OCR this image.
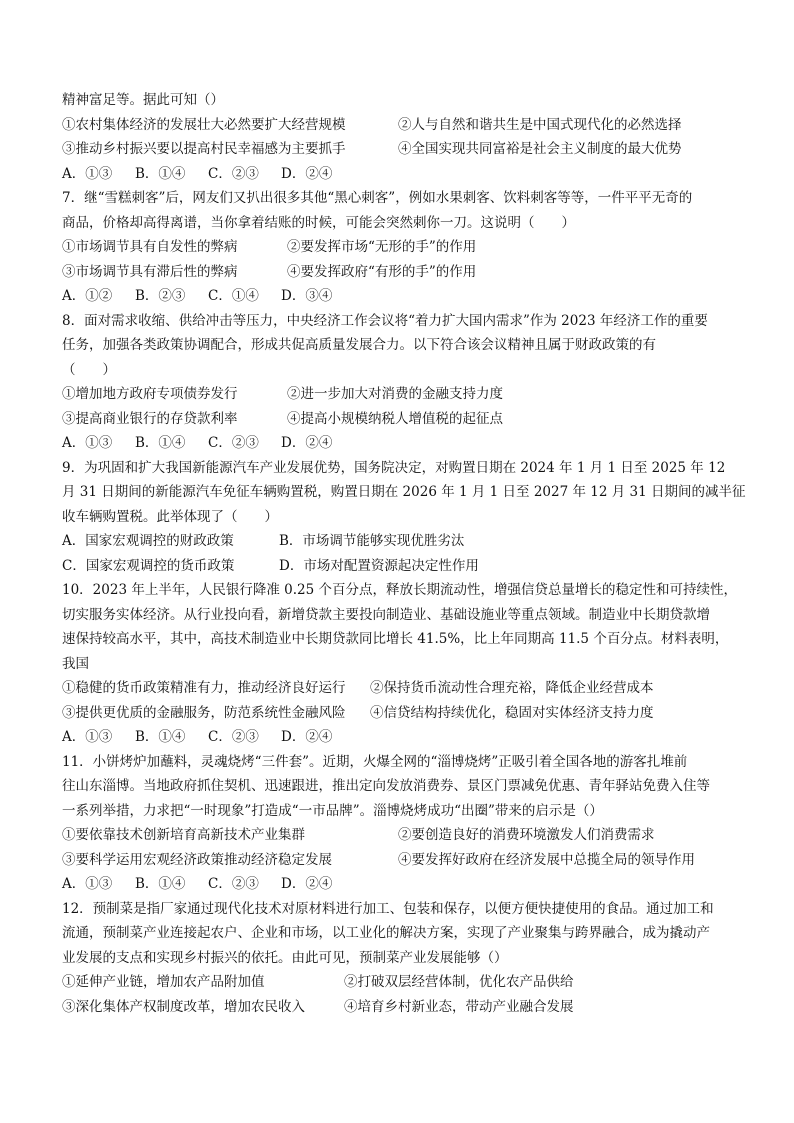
精神富足等。据此可知（）
①农村集体经济的发展壮大必然要扩大经营规模	②人与自然和谐共生是中国式现代化的必然选择
③推动乡村振兴要以提高村民幸福感为主要抓手	④全国实现共同富裕是社会主义制度的最大优势
A．①③ B．①④ C．②③ D．②④
7．继“雪糕刺客”后，网友们又扒出很多其他“黑心刺客”，例如水果刺客、饮料刺客等等，一件平平无奇的
商品，价格却高得离谱，当你拿着结账的时候，可能会突然刺你一刀。这说明（　　）
①市场调节具有自发性的弊病	②要发挥市场“无形的手”的作用
③市场调节具有滞后性的弊病	④要发挥政府“有形的手”的作用
A．①② B．②③ C．①④ D．③④
8．面对需求收缩、供给冲击等压力，中央经济工作会议将“着力扩大国内需求”作为 2023 年经济工作的重要
任务，加强各类政策协调配合，形成共促高质量发展合力。以下符合该会议精神且属于财政政策的有
（　　）
①增加地方政府专项债券发行	②进一步加大对消费的金融支持力度
③提高商业银行的存贷款利率	④提高小规模纳税人增值税的起征点
A．①③ B．①④ C．②③ D．②④
9．为巩固和扩大我国新能源汽车产业发展优势，国务院决定，对购置日期在 2024 年 1 月 1 日至 2025 年 12
月 31 日期间的新能源汽车免征车辆购置税，购置日期在 2026 年 1 月 1 日至 2027 年 12 月 31 日期间的减半征
收车辆购置税。此举体现了（　　）
A．国家宏观调控的财政政策	B．市场调节能够实现优胜劣汰
C．国家宏观调控的货币政策	D．市场对配置资源起决定性作用
10．2023 年上半年，人民银行降准 0.25 个百分点，释放长期流动性，增强信贷总量增长的稳定性和可持续性，
切实服务实体经济。从行业投向看，新增贷款主要投向制造业、基础设施业等重点领域。制造业中长期贷款增
速保持较高水平，其中，高技术制造业中长期贷款同比增长 41.5%，比上年同期高 11.5 个百分点。材料表明，
我国
①稳健的货币政策精准有力，推动经济良好运行	②保持货币流动性合理充裕，降低企业经营成本
③提供更优质的金融服务，防范系统性金融风险	④信贷结构持续优化，稳固对实体经济支持力度
A．①③ B．①④ C．②③ D．②④
11．小饼烤炉加蘸料，灵魂烧烤“三件套”。近期，火爆全网的“淄博烧烤”正吸引着全国各地的游客扎堆前
往山东淄博。当地政府抓住契机、迅速跟进，推出定向发放消费券、景区门票减免优惠、青年驿站免费入住等
一系列举措，力求把“一时现象”打造成“一市品牌”。淄博烧烤成功“出圈”带来的启示是（）
①要依靠技术创新培育高新技术产业集群	②要创造良好的消费环境激发人们消费需求
③要科学运用宏观经济政策推动经济稳定发展	④要发挥好政府在经济发展中总揽全局的领导作用
A．①③ B．①④ C．②③ D．②④
12．预制菜是指厂家通过现代化技术对原材料进行加工、包装和保存，以便方便快捷使用的食品。通过加工和
流通，预制菜产业连接起农户、企业和市场，以工业化的解决方案，实现了产业聚集与跨界融合，成为撬动产
业发展的支点和实现乡村振兴的依托。由此可见，预制菜产业发展能够（）
①延伸产业链，增加农产品附加值	②打破双层经营体制，优化农产品供给
③深化集体产权制度改革，增加农民收入	④培育乡村新业态，带动产业融合发展
